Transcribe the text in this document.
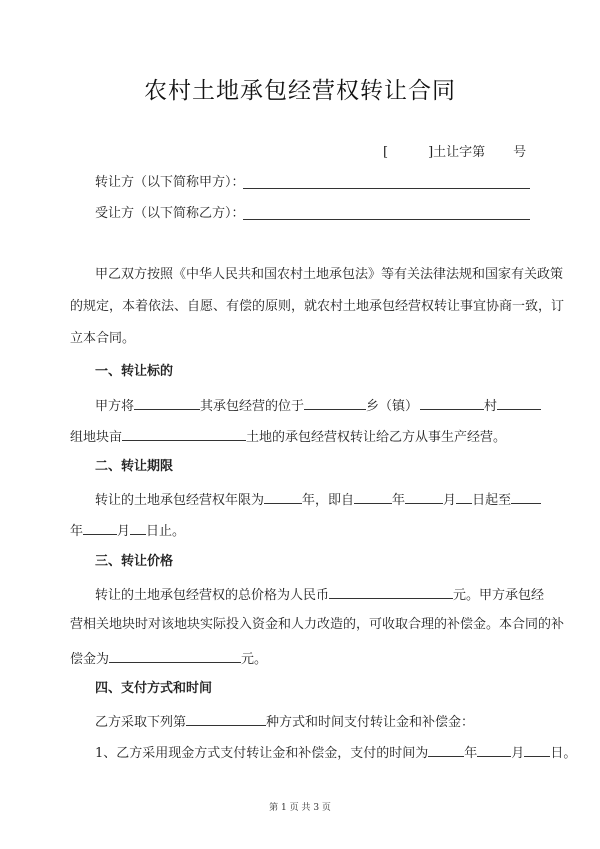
农村土地承包经营权转让合同
[	]土让字第 号
转让方（以下简称甲方）：
受让方（以下简称乙方）：
甲乙双方按照《中华人民共和国农村土地承包法》等有关法律法规和国家有关政策
的规定，本着依法、自愿、有偿的原则，就农村土地承包经营权转让事宜协商一致，订
立本合同。
一、转让标的
甲方将	其承包经营的位于	乡（镇）	村
组地块亩	土地的承包经营权转让给乙方从事生产经营。
二、转让期限
转让的土地承包经营权年限为	年，即自	年	月 日起至
年	月 日止。
三、转让价格
转让的土地承包经营权的总价格为人民币	元。甲方承包经
营相关地块时对该地块实际投入资金和人力改造的，可收取合理的补偿金。本合同的补
偿金为	元。
四、支付方式和时间
乙方采取下列第	种方式和时间支付转让金和补偿金：
1、乙方采用现金方式支付转让金和补偿金，支付的时间为	年	月 日。
第 1 页 共 3 页
